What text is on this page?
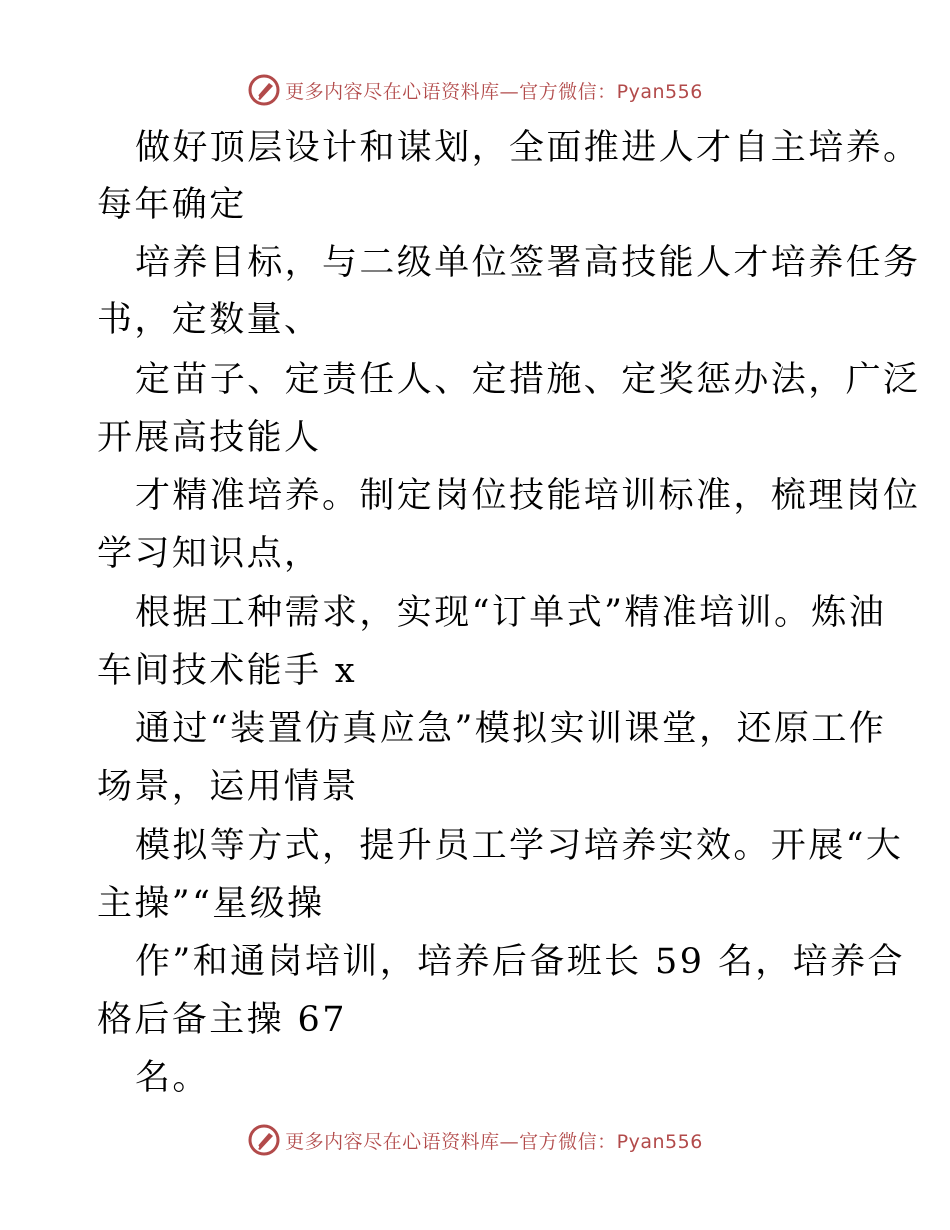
更多内容尽在心语资料库—官方微信：Pyan556
做好顶层设计和谋划，全面推进人才自主培养。
每年确定
培养目标，与二级单位签署高技能人才培养任务
书，定数量、
定苗子、定责任人、定措施、定奖惩办法，广泛
开展高技能人
才精准培养。制定岗位技能培训标准，梳理岗位
学习知识点，
根据工种需求，实现“订单式”精准培训。炼油
车间技术能手 x
通过“装置仿真应急”模拟实训课堂，还原工作
场景，运用情景
模拟等方式，提升员工学习培养实效。开展“大
主操”“星级操
作”和通岗培训，培养后备班长 59 名，培养合
格后备主操 67
名。
更多内容尽在心语资料库—官方微信：Pyan556
